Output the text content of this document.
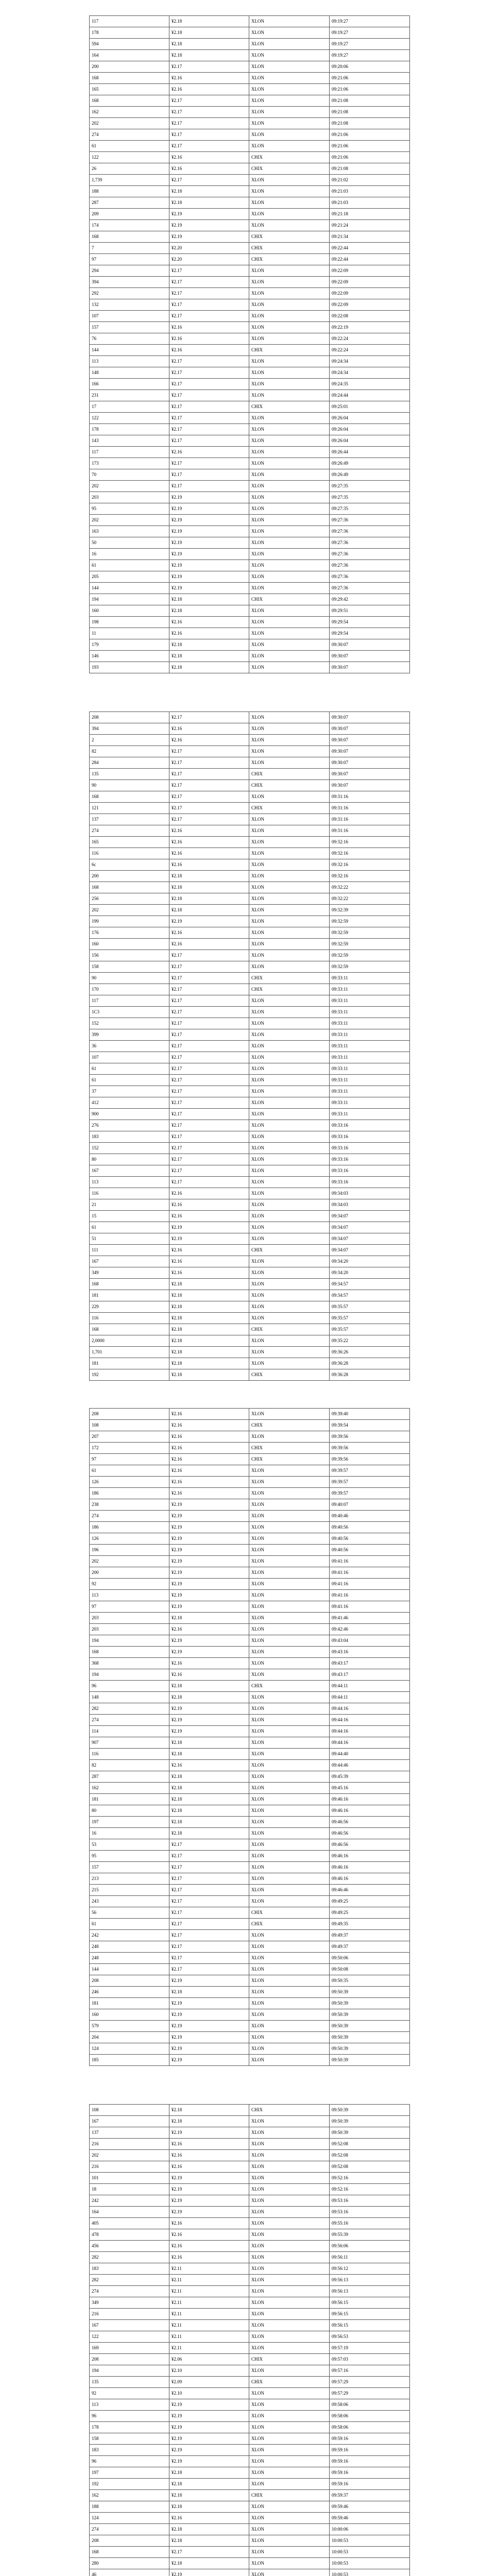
117	¥2.18	XLON	09:19:27
178	¥2.18	XLON	09:19:27
594	¥2.18	XLON	09:19:27
164	¥2.18	XLON	09:19:27
200	¥2.17	XLON	09:20:06
168	¥2.16	XLON	09:21:06
165	¥2.16	XLON	09:21:06
168	¥2.17	XLON	09:21:08
162	¥2.17	XLON	09:21:08
202	¥2.17	XLON	09:21:08
274	¥2.17	XLON	09:21:06
61	¥2.17	XLON	09:21:06
122	¥2.16	CHIX	09:21:06
26	¥2.16	CHIX	09:21:08
1,739	¥2.17	XLON	09:21:02
188	¥2.18	XLON	09:21:03
287	¥2.18	XLON	09:21:03
209	¥2.19	XLON	09:21:18
174	¥2.19	XLON	09:21:24
168	¥2.19	CHIX	09:21:34
7	¥2.20	CHIX	09:22:44
97	¥2.20	CHIX	09:22:44
294	¥2.17	XLON	09:22:09
394	¥2.17	XLON	09:22:09
292	¥2.17	XLON	09:22:09
132	¥2.17	XLON	09:22:09
107	¥2.17	XLON	09:22:08
157	¥2.16	XLON	09:22:19
76	¥2.16	XLON	09:22:24
144	¥2.16	CHIX	09:22:24
113	¥2.17	XLON	09:24:34
148	¥2.17	XLON	09:24:34
166	¥2.17	XLON	09:24:35
231	¥2.17	XLON	09:24:44
17	¥2.17	CHIX	09:25:01
122	¥2.17	XLON	09:26:04
178	¥2.17	XLON	09:26:04
143	¥2.17	XLON	09:26:04
117	¥2.16	XLON	09:26:44
173	¥2.17	XLON	09:26:49
70	¥2.17	XLON	09:26:49
202	¥2.17	XLON	09:27:35
203	¥2.19	XLON	09:27:35
95	¥2.19	XLON	09:27:35
202	¥2.19	XLON	09:27:36
163	¥2.19	XLON	09:27:36
50	¥2.19	XLON	09:27:36
16	¥2.19	XLON	09:27:36
61	¥2.19	XLON	09:27:36
205	¥2.19	XLON	09:27:36
144	¥2.19	XLON	09:27:36
194	¥2.18	CHIX	09:29:42
160	¥2.18	XLON	09:29:51
198	¥2.16	XLON	09:29:54
11	¥2.16	XLON	09:29:54
179	¥2.18	XLON	09:30:07
146	¥2.18	XLON	09:30:07
193	¥2.18	XLON	09:30:07
208	¥2.17	XLON	09:30:07
394	¥2.16	XLON	09:30:07
2	¥2.16	XLON	09:30:07
82	¥2.17	XLON	09:30:07
284	¥2.17	XLON	09:30:07
135	¥2.17	CHIX	09:30:07
90	¥2.17	CHIX	09:30:07
168	¥2.17	XLON	09:31:16
121	¥2.17	CHIX	09:31:16
137	¥2.17	XLON	09:31:16
274	¥2.16	XLON	09:31:16
165	¥2.16	XLON	09:32:16
116	¥2.16	XLON	09:32:16
6c	¥2.16	XLON	09:32:16
200	¥2.18	XLON	09:32:16
168	¥2.18	XLON	09:32:22
256	¥2.18	XLON	09:32:22
202	¥2.18	XLON	09:32:39
199	¥2.19	XLON	09:32:59
176	¥2.16	XLON	09:32:59
160	¥2.16	XLON	09:32:59
156	¥2.17	XLON	09:32:59
158	¥2.17	XLON	09:32:59
90	¥2.17	CHIX	09:33:11
170	¥2.17	CHIX	09:33:11
117	¥2.17	XLON	09:33:11
1C3	¥2.17	XLON	09:33:11
152	¥2.17	XLON	09:33:11
399	¥2.17	XLON	09:33:11
36	¥2.17	XLON	09:33:11
107	¥2.17	XLON	09:33:11
61	¥2.17	XLON	09:33:11
61	¥2.17	XLON	09:33:11
37	¥2.17	XLON	09:33:11
412	¥2.17	XLON	09:33:11
900	¥2.17	XLON	09:33:11
276	¥2.17	XLON	09:33:16
183	¥2.17	XLON	09:33:16
152	¥2.17	XLON	09:33:16
80	¥2.17	XLON	09:33:16
167	¥2.17	XLON	09:33:16
113	¥2.17	XLON	09:33:16
116	¥2.16	XLON	09:34:03
21	¥2.16	XLON	09:34:03
15	¥2.16	XLON	09:34:07
61	¥2.19	XLON	09:34:07
51	¥2.19	XLON	09:34:07
111	¥2.16	CHIX	09:34:07
167	¥2.16	XLON	09:34:20
349	¥2.16	XLON	09:34:20
168	¥2.18	XLON	09:34:57
181	¥2.18	XLON	09:34:57
229	¥2.18	XLON	09:35:57
116	¥2.18	XLON	09:35:57
168	¥2.18	CHIX	09:35:57
2,0000	¥2.18	XLON	09:35:22
1,701	¥2.18	XLON	09:36:26
181	¥2.18	XLON	09:36:28
192	¥2.18	CHIX	09:36:28
208	¥2.16	XLON	09:39:40
108	¥2.16	CHIX	09:39:54
207	¥2.16	XLON	09:39:56
172	¥2.16	CHIX	09:39:56
97	¥2.16	CHIX	09:39:56
61	¥2.16	XLON	09:39:57
126	¥2.16	XLON	09:39:57
186	¥2.16	XLON	09:39:57
238	¥2.19	XLON	09:40:07
274	¥2.19	XLON	09:40:46
186	¥2.19	XLON	09:40:56
126	¥2.19	XLON	09:40:56
196	¥2.19	XLON	09:40:56
202	¥2.19	XLON	09:41:16
200	¥2.19	XLON	09:41:16
92	¥2.19	XLON	09:41:16
113	¥2.19	XLON	09:41:16
97	¥2.19	XLON	09:41:16
203	¥2.18	XLON	09:41:46
203	¥2.16	XLON	09:42:46
194	¥2.19	XLON	09:43:04
168	¥2.19	XLON	09:43:16
368	¥2.16	XLON	09:43:17
194	¥2.16	XLON	09:43:17
96	¥2.18	CHIX	09:44:11
148	¥2.18	XLON	09:44:11
282	¥2.19	XLON	09:44:16
274	¥2.19	XLON	09:44:16
114	¥2.19	XLON	09:44:16
907	¥2.18	XLON	09:44:16
116	¥2.18	XLON	09:44:40
82	¥2.16	XLON	09:44:46
287	¥2.18	XLON	09:45:39
162	¥2.18	XLON	09:45:16
181	¥2.18	XLON	09:46:16
80	¥2.18	XLON	09:46:16
197	¥2.18	XLON	09:46:56
16	¥2.18	XLON	09:46:56
53	¥2.17	XLON	09:46:56
95	¥2.17	XLON	09:46:16
157	¥2.17	XLON	09:46:16
213	¥2.17	XLON	09:46:16
215	¥2.17	XLON	09:46:46
243	¥2.17	XLON	09:49:25
56	¥2.17	CHIX	09:49:25
61	¥2.17	CHIX	09:49:35
242	¥2.17	XLON	09:49:37
248	¥2.17	XLON	09:49:37
248	¥2.17	XLON	09:50:06
144	¥2.17	XLON	09:50:08
208	¥2.19	XLON	09:50:35
246	¥2.18	XLON	09:50:39
181	¥2.19	XLON	09:50:39
160	¥2.19	XLON	09:50:39
579	¥2.19	XLON	09:50:39
204	¥2.19	XLON	09:50:39
124	¥2.19	XLON	09:50:39
185	¥2.19	XLON	09:50:39
108	¥2.18	CHIX	09:50:39
167	¥2.18	XLON	09:50:39
137	¥2.19	XLON	09:50:39
216	¥2.16	XLON	09:52:08
202	¥2.16	XLON	09:52:08
216	¥2.16	XLON	09:52:08
101	¥2.19	XLON	09:52:16
18	¥2.19	XLON	09:52:16
242	¥2.19	XLON	09:53:16
164	¥2.19	XLON	09:53:16
405	¥2.16	XLON	09:55:16
478	¥2.16	XLON	09:55:39
456	¥2.16	XLON	09:56:06
282	¥2.16	XLON	09:56:11
183	¥2.11	XLON	09:56:12
282	¥2.11	XLON	09:56:13
274	¥2.11	XLON	09:56:13
349	¥2.11	XLON	09:56:15
216	¥2.11	XLON	09:56:15
167	¥2.11	XLON	09:56:15
122	¥2.11	XLON	09:56:53
169	¥2.11	XLON	09:57:19
208	¥2.06	CHIX	09:57:03
194	¥2.10	XLON	09:57:16
135	¥2.09	CHIX	09:57:29
92	¥2.10	XLON	09:57:29
113	¥2.19	XLON	09:58:06
96	¥2.19	XLON	09:58:06
178	¥2.19	XLON	09:58:06
158	¥2.19	XLON	09:59:16
183	¥2.19	XLON	09:59:16
96	¥2.19	XLON	09:59:16
197	¥2.18	XLON	09:59:16
192	¥2.18	XLON	09:59:16
162	¥2.18	CHIX	09:59:37
188	¥2.18	XLON	09:59:46
124	¥2.16	XLON	09:59:46
274	¥2.18	XLON	10:00:06
208	¥2.18	XLON	10:00:53
168	¥2.17	XLON	10:00:53
280	¥2.18	XLON	10:00:53
46	¥2.19	XLON	10:00:53
